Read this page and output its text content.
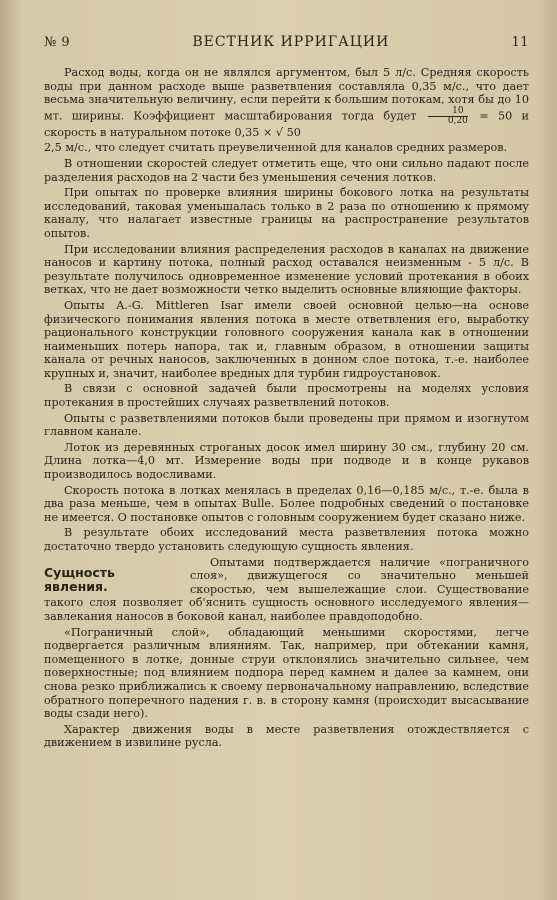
№ 9	ВЕСТНИК ИРРИГАЦИИ	11

Расход воды, когда он не являлся аргументом, был 5 л/с. Средняя скорость воды при данном расходе выше разветвления составляла 0,35 м/с., что дает весьма значительную величину, если перейти к большим потокам, хотя бы до 10 мт. ширины. Коэффициент масштабирования тогда будет $\frac{10}{0,20} = 50$ и скорость в натуральном потоке 0,35 × √ 50

2,5 м/с., что следует считать преувеличенной для каналов средних размеров.

В отношении скоростей следует отметить еще, что они сильно падают после разделения расходов на 2 части без уменьшения сечения лотков.

При опытах по проверке влияния ширины бокового лотка на результаты исследований, таковая уменьшалась только в 2 раза по отношению к прямому каналу, что налагает известные границы на распространение результатов опытов.

При исследовании влияния распределения расходов в каналах на движение наносов и картину потока, полный расход оставался неизменным - 5 л/с. В результате получилось одновременное изменение условий протекания в обоих ветках, что не дает возможности четко выделить основные влияющие факторы.

Опыты A.-G. Mittleren Isar имели своей основной целью—на основе физического понимания явления потока в месте ответвления его, выработку рационального конструкции головного сооружения канала как в отношении наименьших потерь напора, так и, главным образом, в отношении защиты канала от речных наносов, заключенных в донном слое потока, т.-е. наиболее крупных и, значит, наиболее вредных для турбин гидроустановок.

В связи с основной задачей были просмотрены на моделях условия протекания в простейших случаях разветвлений потоков.

Опыты с разветвлениями потоков были проведены при прямом и изогнутом главном канале.

Лоток из деревянных строганых досок имел ширину 30 см., глубину 20 см. Длина лотка—4,0 мт. Измерение воды при подводе и в конце рукавов производилось водосливами.

Скорость потока в лотках менялась в пределах 0,16—0,185 м/с., т.-е. была в два раза меньше, чем в опытах Bulle. Более подробных сведений о постановке не имеется. О постановке опытов с головным сооружением будет сказано ниже.

В результате обоих исследований места разветвления потока можно достаточно твердо установить следующую сущность явления.

Сущность явления.

Опытами подтверждается наличие «пограничного слоя», движущегося со значительно меньшей скоростью, чем вышележащие слои. Существование такого слоя позволяет об'яснить сущность основного исследуемого явления—завлекания наносов в боковой канал, наиболее правдоподобно.

«Пограничный слой», обладающий меньшими скоростями, легче подвергается различным влияниям. Так, например, при обтекании камня, помещенного в лотке, донные струи отклонялись значительно сильнее, чем поверхностные; под влиянием подпора перед камнем и далее за камнем, они снова резко приближались к своему первоначальному направлению, вследствие обратного поперечного падения г. в. в сторону камня (происходит высасывание воды сзади него).

Характер движения воды в месте разветвления отождествляется с движением в извилине русла.
